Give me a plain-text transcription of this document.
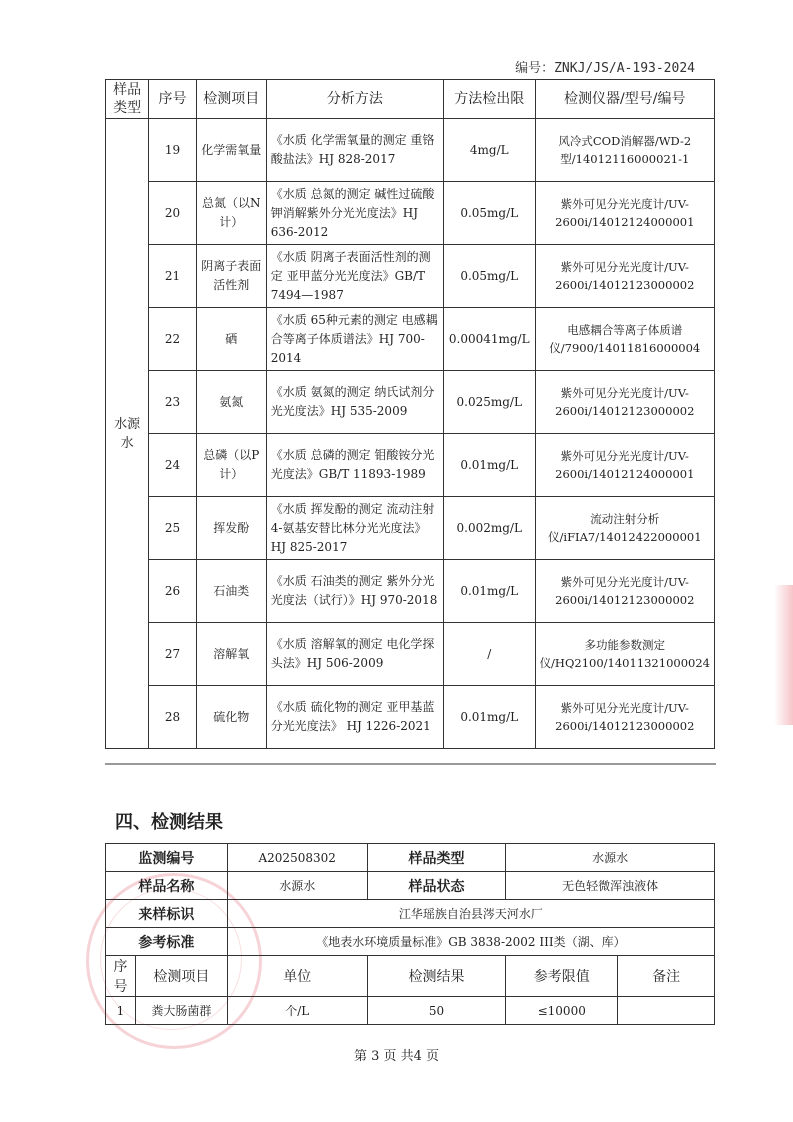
编号：ZNKJ/JS/A-193-2024
样品类型	序号	检测项目	分析方法	方法检出限	检测仪器/型号/编号
水源水	19	化学需氧量	《水质 化学需氧量的测定 重铬酸盐法》HJ 828-2017	4mg/L	风冷式COD消解器/WD-2型/14012116000021-1
	20	总氮（以N计）	《水质 总氮的测定 碱性过硫酸钾消解紫外分光光度法》HJ 636-2012	0.05mg/L	紫外可见分光光度计/UV-2600i/14012124000001
	21	阴离子表面活性剂	《水质 阴离子表面活性剂的测定 亚甲蓝分光光度法》GB/T 7494—1987	0.05mg/L	紫外可见分光光度计/UV-2600i/14012123000002
	22	硒	《水质 65种元素的测定 电感耦合等离子体质谱法》HJ 700-2014	0.00041mg/L	电感耦合等离子体质谱仪/7900/14011816000004
	23	氨氮	《水质 氨氮的测定 纳氏试剂分光光度法》HJ 535-2009	0.025mg/L	紫外可见分光光度计/UV-2600i/14012123000002
	24	总磷（以P计）	《水质 总磷的测定 钼酸铵分光光度法》GB/T 11893-1989	0.01mg/L	紫外可见分光光度计/UV-2600i/14012124000001
	25	挥发酚	《水质 挥发酚的测定 流动注射4-氨基安替比林分光光度法》HJ 825-2017	0.002mg/L	流动注射分析仪/iFIA7/14012422000001
	26	石油类	《水质 石油类的测定 紫外分光光度法（试行）》HJ 970-2018	0.01mg/L	紫外可见分光光度计/UV-2600i/14012123000002
	27	溶解氧	《水质 溶解氧的测定 电化学探头法》HJ 506-2009	/	多功能参数测定仪/HQ2100/14011321000024
	28	硫化物	《水质 硫化物的测定 亚甲基蓝分光光度法》 HJ 1226-2021	0.01mg/L	紫外可见分光光度计/UV-2600i/14012123000002
四、检测结果
监测编号		A202508302	样品类型	水源水	
样品名称		水源水	样品状态	无色轻微浑浊液体	
来样标识		江华瑶族自治县涔天河水厂			
参考标准		《地表水环境质量标准》GB 3838-2002 III类（湖、库）			
序号	检测项目	单位	检测结果	参考限值	备注
1	粪大肠菌群	个/L	50	≤10000	
第 3 页 共4 页
